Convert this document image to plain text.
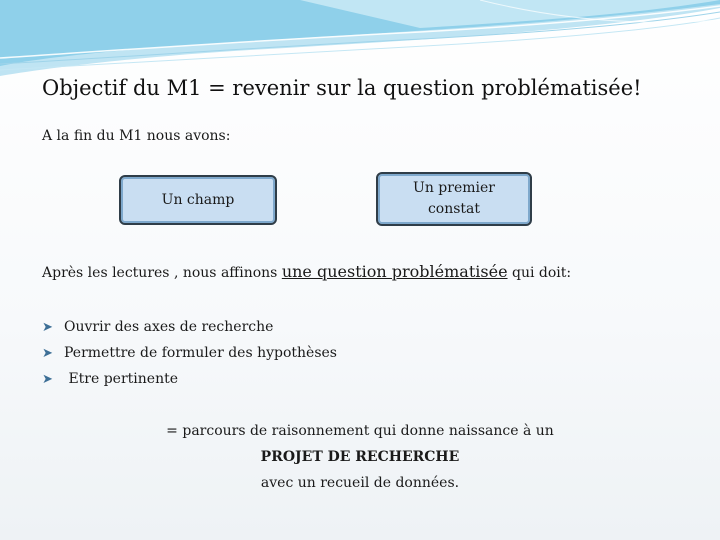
Objectif du M1 = revenir sur la question problématisée!

A la fin du M1 nous avons:

Un champ
Un premier
constat

Après les lectures , nous affinons une question problématisée qui doit:

➤ Ouvrir des axes de recherche
➤ Permettre de formuler des hypothèses
➤ Etre pertinente
= parcours de raisonnement qui donne naissance à un
PROJET DE RECHERCHE
avec un recueil de données.
